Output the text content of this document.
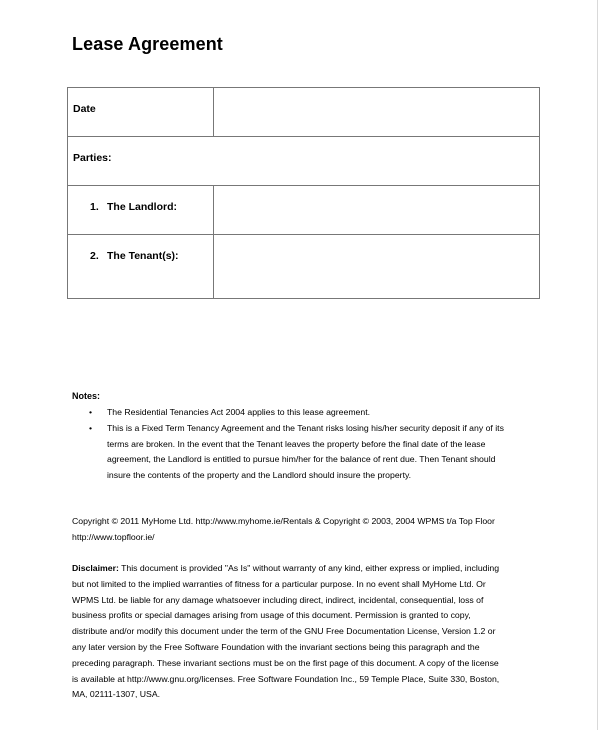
Lease Agreement
Date	
Parties:	
1. The Landlord:	
2. The Tenant(s):	
Notes:
• The Residential Tenancies Act 2004 applies to this lease agreement.
• This is a Fixed Term Tenancy Agreement and the Tenant risks losing his/her security deposit if any of its terms are broken. In the event that the Tenant leaves the property before the final date of the lease agreement, the Landlord is entitled to pursue him/her for the balance of rent due. Then Tenant should insure the contents of the property and the Landlord should insure the property.
Copyright © 2011 MyHome Ltd. http://www.myhome.ie/Rentals & Copyright © 2003, 2004 WPMS t/a Top Floor http://www.topfloor.ie/
Disclaimer: This document is provided "As Is" without warranty of any kind, either express or implied, including but not limited to the implied warranties of fitness for a particular purpose. In no event shall MyHome Ltd. Or WPMS Ltd. be liable for any damage whatsoever including direct, indirect, incidental, consequential, loss of business profits or special damages arising from usage of this document. Permission is granted to copy, distribute and/or modify this document under the term of the GNU Free Documentation License, Version 1.2 or any later version by the Free Software Foundation with the invariant sections being this paragraph and the preceding paragraph. These invariant sections must be on the first page of this document. A copy of the license is available at http://www.gnu.org/licenses. Free Software Foundation Inc., 59 Temple Place, Suite 330, Boston, MA, 02111-1307, USA.
